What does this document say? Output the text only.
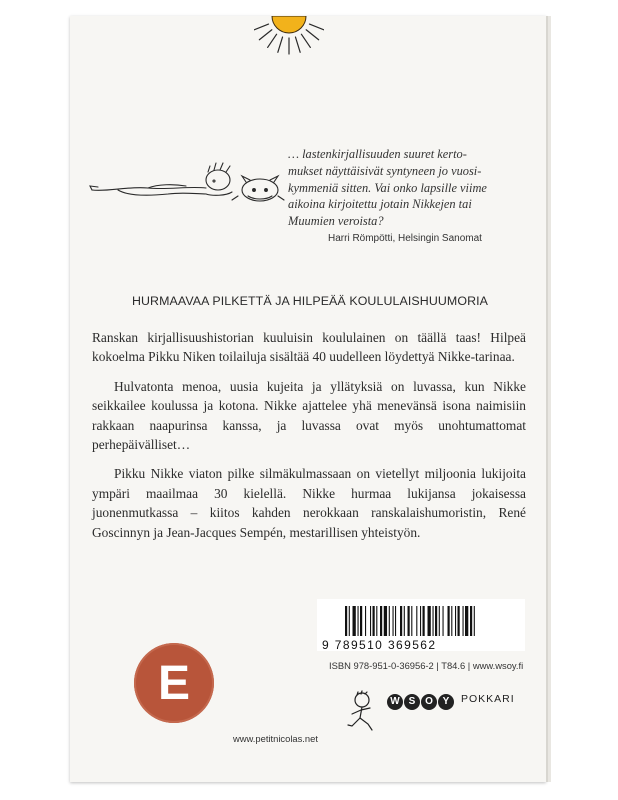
… lastenkirjallisuuden suuret kerto-
mukset näyttäisivät syntyneen jo vuosi-
kymmeniä sitten. Vai onko lapsille viime
aikoina kirjoitettu jotain Nikkejen tai
Muumien veroista?
Harri Römpötti, Helsingin Sanomat
HURMAAVAA PILKETTÄ JA HILPEÄÄ KOULULAISHUUMORIA

Ranskan kirjallisuushistorian kuuluisin koululainen on täällä taas! Hilpeä kokoelma Pikku Niken toilailuja sisältää 40 uudelleen löydettyä Nikke-tarinaa.

Hulvatonta menoa, uusia kujeita ja yllätyksiä on luvassa, kun Nikke seikkailee koulussa ja kotona. Nikke ajattelee yhä menevänsä isona naimisiin rakkaan naapurinsa kanssa, ja luvassa ovat myös unohtumattomat perhepäivälliset…

Pikku Nikke viaton pilke silmäkulmassaan on vietellyt miljoonia lukijoita ympäri maailmaa 30 kielellä. Nikke hurmaa lukijansa jokaisessa juonenmutkassa – kiitos kahden nerokkaan ranskalaishumoristin, René Goscinnyn ja Jean-Jacques Sempén, mestarillisen yhteistyön.

9 789510 369562
ISBN 978-951-0-36956-2 | T84.6 | www.wsoy.fi
E	W S O Y POKKARI
www.petitnicolas.net
